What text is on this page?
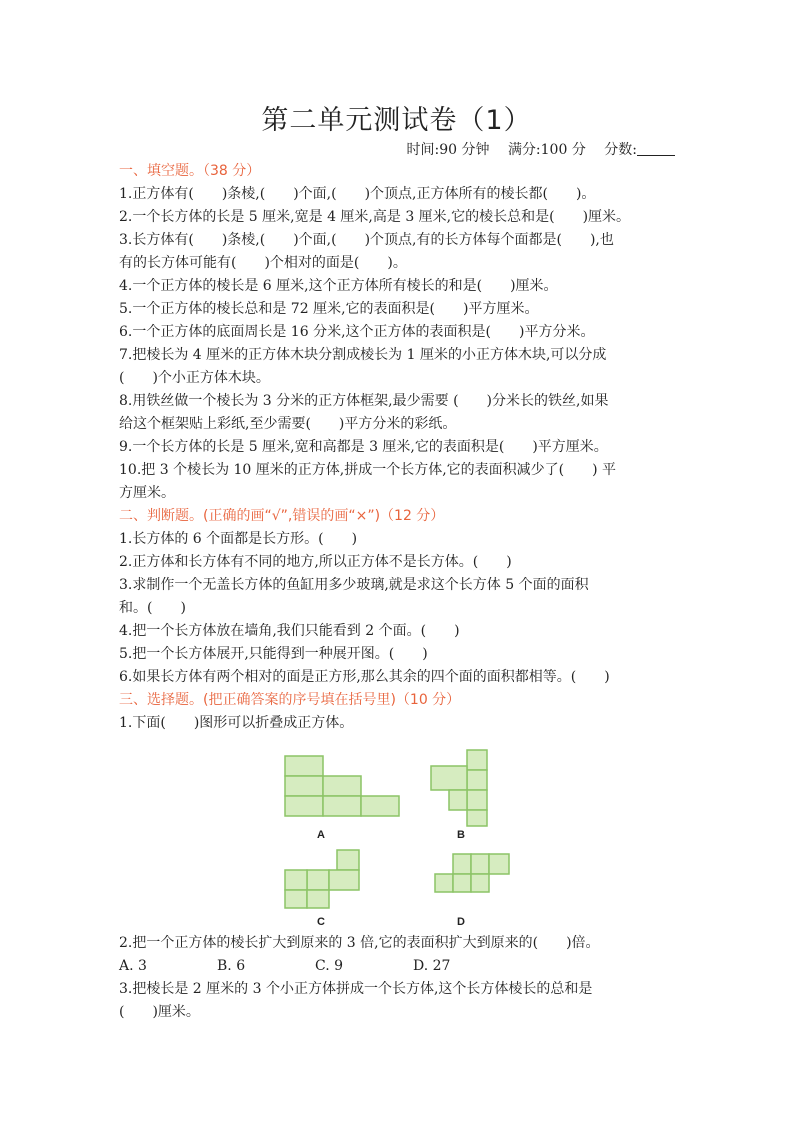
第二单元测试卷（1）
时间:90 分钟 满分:100 分 分数:
一、填空题。（38 分）
1.正方体有(　　)条棱,(　　)个面,(　　)个顶点,正方体所有的棱长都(　　)。
2.一个长方体的长是 5 厘米,宽是 4 厘米,高是 3 厘米,它的棱长总和是(　　)厘米。
3.长方体有(　　)条棱,(　　)个面,(　　)个顶点,有的长方体每个面都是(　　),也
有的长方体可能有(　　)个相对的面是(　　)。
4.一个正方体的棱长是 6 厘米,这个正方体所有棱长的和是(　　)厘米。
5.一个正方体的棱长总和是 72 厘米,它的表面积是(　　)平方厘米。
6.一个正方体的底面周长是 16 分米,这个正方体的表面积是(　　)平方分米。
7.把棱长为 4 厘米的正方体木块分割成棱长为 1 厘米的小正方体木块,可以分成
(　　)个小正方体木块。
8.用铁丝做一个棱长为 3 分米的正方体框架,最少需要 (　　)分米长的铁丝,如果
给这个框架贴上彩纸,至少需要(　　)平方分米的彩纸。
9.一个长方体的长是 5 厘米,宽和高都是 3 厘米,它的表面积是(　　)平方厘米。
10.把 3 个棱长为 10 厘米的正方体,拼成一个长方体,它的表面积减少了(　　) 平
方厘米。
二、判断题。(正确的画“√”,错误的画“×”)（12 分）
1.长方体的 6 个面都是长方形。(　　)
2.正方体和长方体有不同的地方,所以正方体不是长方体。(　　)
3.求制作一个无盖长方体的鱼缸用多少玻璃,就是求这个长方体 5 个面的面积
和。(　　)
4.把一个长方体放在墙角,我们只能看到 2 个面。(　　)
5.把一个长方体展开,只能得到一种展开图。(　　)
6.如果长方体有两个相对的面是正方形,那么其余的四个面的面积都相等。(　　)
三、选择题。(把正确答案的序号填在括号里)（10 分）
1.下面(　　)图形可以折叠成正方体。
A	B
C	D
2.把一个正方体的棱长扩大到原来的 3 倍,它的表面积扩大到原来的(　　)倍。
A. 3	B. 6	C. 9	D. 27
3.把棱长是 2 厘米的 3 个小正方体拼成一个长方体,这个长方体棱长的总和是
(　　)厘米。
